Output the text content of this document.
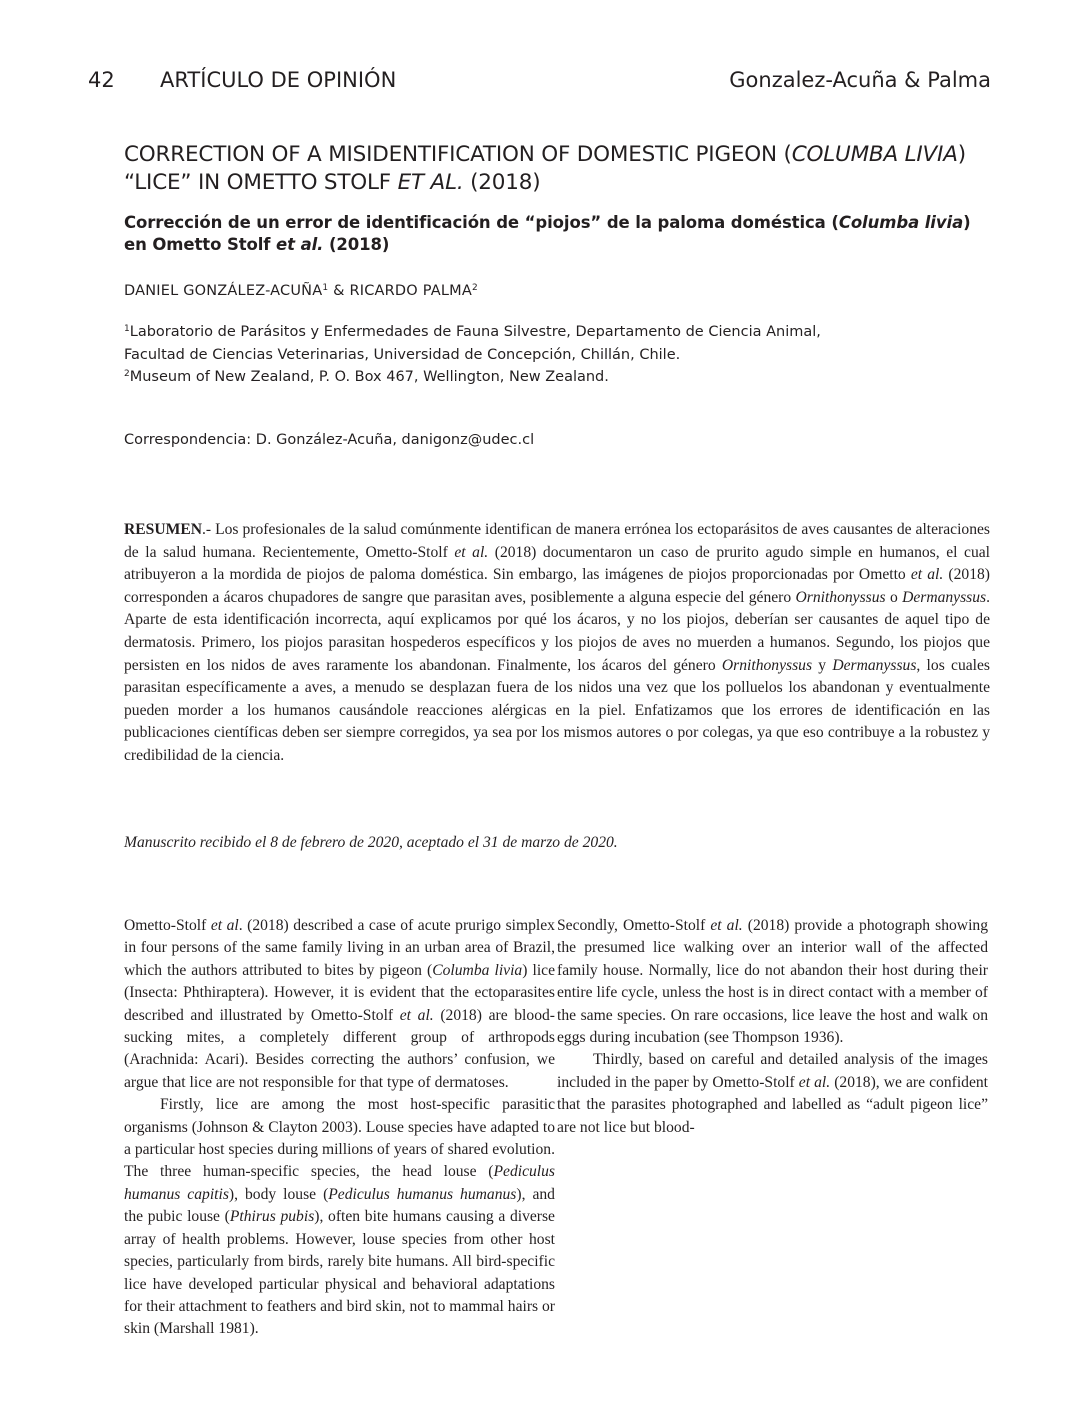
42 ARTÍCULO DE OPINIÓN	Gonzalez-Acuña & Palma
CORRECTION OF A MISIDENTIFICATION OF DOMESTIC PIGEON (COLUMBA LIVIA) “LICE” IN OMETTO STOLF ET AL. (2018)
Corrección de un error de identificación de “piojos” de la paloma doméstica (Columba livia) en Ometto Stolf et al. (2018)
DANIEL GONZÁLEZ-ACUÑA$^1$ & RICARDO PALMA$^2$
$^1$Laboratorio de Parásitos y Enfermedades de Fauna Silvestre, Departamento de Ciencia Animal,
Facultad de Ciencias Veterinarias, Universidad de Concepción, Chillán, Chile.
$^2$Museum of New Zealand, P. O. Box 467, Wellington, New Zealand.
Correspondencia: D. González-Acuña, danigonz@udec.cl

RESUMEN.- Los profesionales de la salud comúnmente identifican de manera errónea los ectoparásitos de aves causantes de alteraciones de la salud humana. Recientemente, Ometto-Stolf et al. (2018) documentaron un caso de prurito agudo simple en humanos, el cual atribuyeron a la mordida de piojos de paloma doméstica. Sin embargo, las imágenes de piojos proporcionadas por Ometto et al. (2018) corresponden a ácaros chupadores de sangre que parasitan aves, posiblemente a alguna especie del género Ornithonyssus o Dermanyssus. Aparte de esta identificación incorrecta, aquí explicamos por qué los ácaros, y no los piojos, deberían ser causantes de aquel tipo de dermatosis. Primero, los piojos parasitan hospederos específicos y los piojos de aves no muerden a humanos. Segundo, los piojos que persisten en los nidos de aves raramente los abandonan. Finalmente, los ácaros del género Ornithonyssus y Dermanyssus, los cuales parasitan específicamente a aves, a menudo se desplazan fuera de los nidos una vez que los polluelos los abandonan y eventualmente pueden morder a los humanos causándole reacciones alérgicas en la piel. Enfatizamos que los errores de identificación en las publicaciones científicas deben ser siempre corregidos, ya sea por los mismos autores o por colegas, ya que eso contribuye a la robustez y credibilidad de la ciencia.

Manuscrito recibido el 8 de febrero de 2020, aceptado el 31 de marzo de 2020.

Ometto-Stolf et al. (2018) described a case of acute prurigo simplex in four persons of the same family living in an urban area of Brazil, which the authors attributed to bites by pigeon (Columba livia) lice (Insecta: Phthiraptera). However, it is evident that the ectoparasites described and illustrated by Ometto-Stolf et al. (2018) are blood-sucking mites, a completely different group of arthropods (Arachnida: Acari). Besides correcting the authors’ confusion, we argue that lice are not responsible for that type of dermatoses.

Firstly, lice are among the most host-specific parasitic organisms (Johnson & Clayton 2003). Louse species have adapted to a particular host species during millions of years of shared evolution. The three human-specific species, the head louse (Pediculus humanus capitis), body louse (Pediculus humanus humanus), and the pubic louse (Pthirus pubis), often bite humans causing a diverse array of health problems. However, louse species from other host species, particularly from birds, rarely bite humans. All bird-specific lice have developed particular physical and behavioral adaptations for their attachment to feathers and bird skin, not to mammal hairs or skin (Marshall 1981).

Secondly, Ometto-Stolf et al. (2018) provide a photograph showing the presumed lice walking over an interior wall of the affected family house. Normally, lice do not abandon their host during their entire life cycle, unless the host is in direct contact with a member of the same species. On rare occasions, lice leave the host and walk on eggs during incubation (see Thompson 1936).

Thirdly, based on careful and detailed analysis of the images included in the paper by Ometto-Stolf et al. (2018), we are confident that the parasites photographed and labelled as “adult pigeon lice” are not lice but blood-
